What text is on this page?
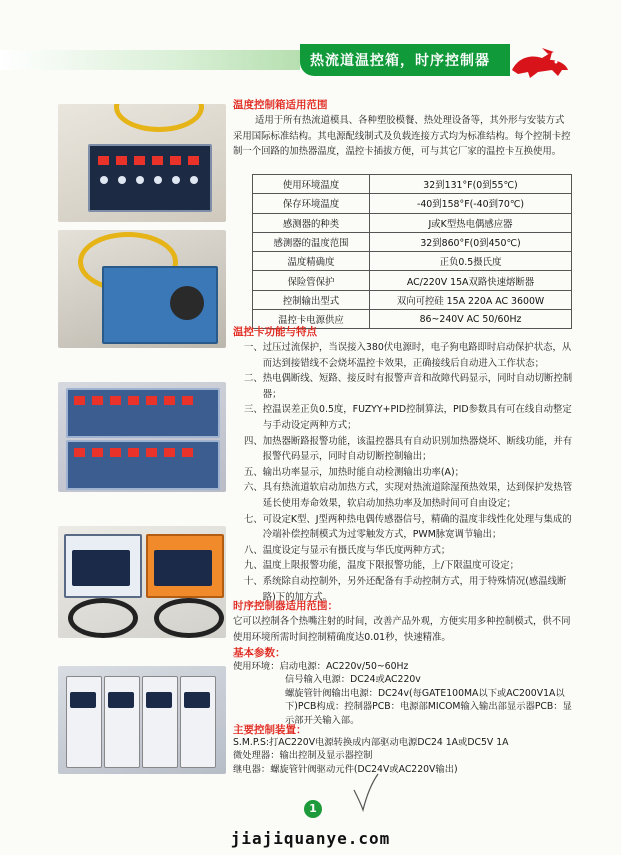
热流道温控箱，时序控制器
温度控制箱适用范围
适用于所有热流道模具、各种塑胶模餐、热处理设备等，其外形与安装方式采用国际标准结构。其电源配线制式及负载连接方式均为标准结构。每个控制卡控制一个回路的加热器温度，温控卡插拔方便，可与其它厂家的温控卡互换使用。
使用环境温度	32到131°F(0到55℃)
保存环境温度	-40到158°F(-40到70℃)
感测器的种类	J或K型热电偶感应器
感测器的温度范围	32到860°F(0到450℃)
温度精确度	正负0.5摄氏度
保险管保护	AC/220V 15A双路快速熔断器
控制输出型式	双向可控硅 15A 220A AC 3600W
温控卡电源供应	86~240V AC 50/60Hz
温控卡功能与特点
一、 过压过流保护，当误接入380伏电源时，电子狗电路即时启动保护状态，从而达到接错线不会烧坏温控卡效果，正确接线后自动进入工作状态；
二、 热电偶断线、短路、接反时有报警声音和故障代码显示，同时自动切断控制器；
三、 控温误差正负0.5度，FUZYY+PID控制算法，PID参数具有可在线自动整定与手动设定两种方式；
四、 加热器断路报警功能，该温控器具有自动识别加热器烧坏、断线功能，并有报警代码显示，同时自动切断控制输出；
五、 输出功率显示，加热时能自动检测输出功率(A)；
六、 具有热流道软启动加热方式，实现对热流道除湿预热效果，达到保护发热管延长使用寿命效果，软启动加热功率及加热时间可自由设定；
七、 可设定K型、J型两种热电偶传感器信号，精确的温度非线性化处理与集成的冷端补偿控制模式为过零触发方式，PWM脉宽调节输出；
八、 温度设定与显示有摄氏度与华氏度两种方式；
九、 温度上限报警功能，温度下限报警功能，上/下限温度可设定；
十、 系统除自动控制外，另外还配备有手动控制方式，用于特殊情况(感温线断路)下的加方式。
时序控制器适用范围：
它可以控制各个热嘴注射的时间，改善产品外观，方便实用多种控制模式，供不同使用环境所需时间控制精确度达0.01秒，快速精准。
基本参数：
使用环境：启动电源：AC220v/50~60Hz
信号输入电源：DC24或AC220v
螺旋管针阀输出电源：DC24v(每GATE100MA以下或AC200V1A以下)PCB构成：控制器PCB：电源部MICOM输入输出部显示器PCB：显示部开关输入部。
主要控制装置：
S.M.P.S:打AC220V电源转换成内部驱动电源DC24 1A或DC5V 1A
微处理器：输出控制及显示器控制
继电器：螺旋管针阀驱动元件(DC24V或AC220V输出)
1
jiajiquanye.com
